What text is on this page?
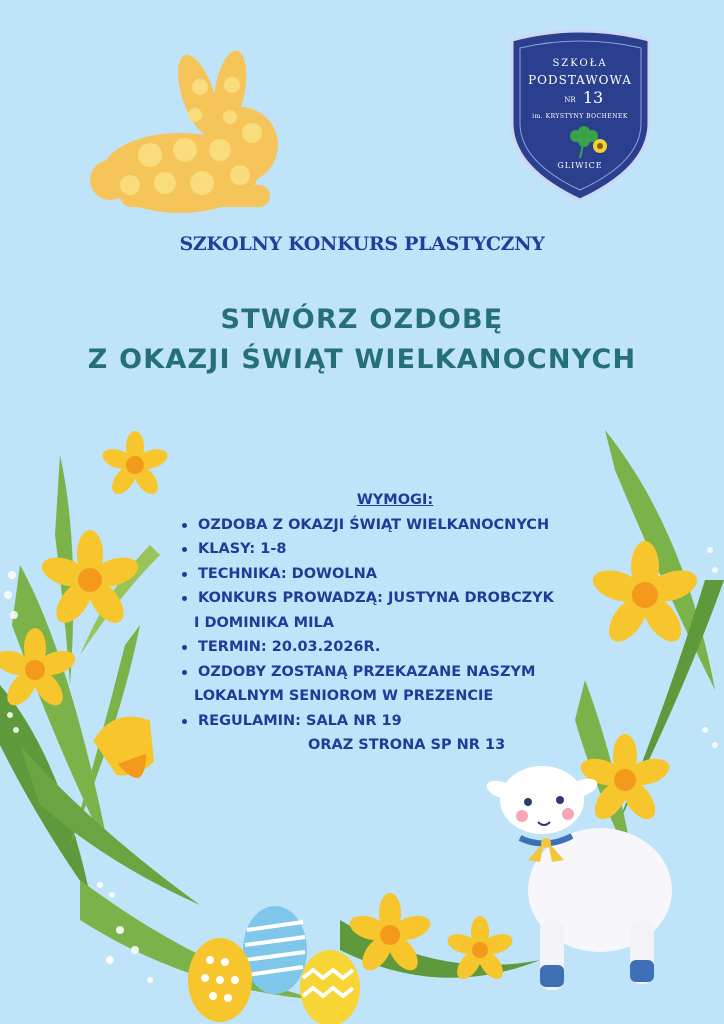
SZKOŁA
PODSTAWOWA
NR 13
im. KRYSTYNY BOCHENEK
GLIWICE
SZKOLNY KONKURS PLASTYCZNY
STWÓRZ OZDOBĘ
Z OKAZJI ŚWIĄT WIELKANOCNYCH
WYMOGI:
OZDOBA Z OKAZJI ŚWIĄT WIELKANOCNYCH
KLASY: 1-8
TECHNIKA: DOWOLNA
KONKURS PROWADZĄ: JUSTYNA DROBCZYK
I DOMINIKA MILA
TERMIN: 20.03.2026R.
OZDOBY ZOSTANĄ PRZEKAZANE NASZYM
LOKALNYM SENIOROM W PREZENCIE
REGULAMIN: SALA NR 19
ORAZ STRONA SP NR 13
